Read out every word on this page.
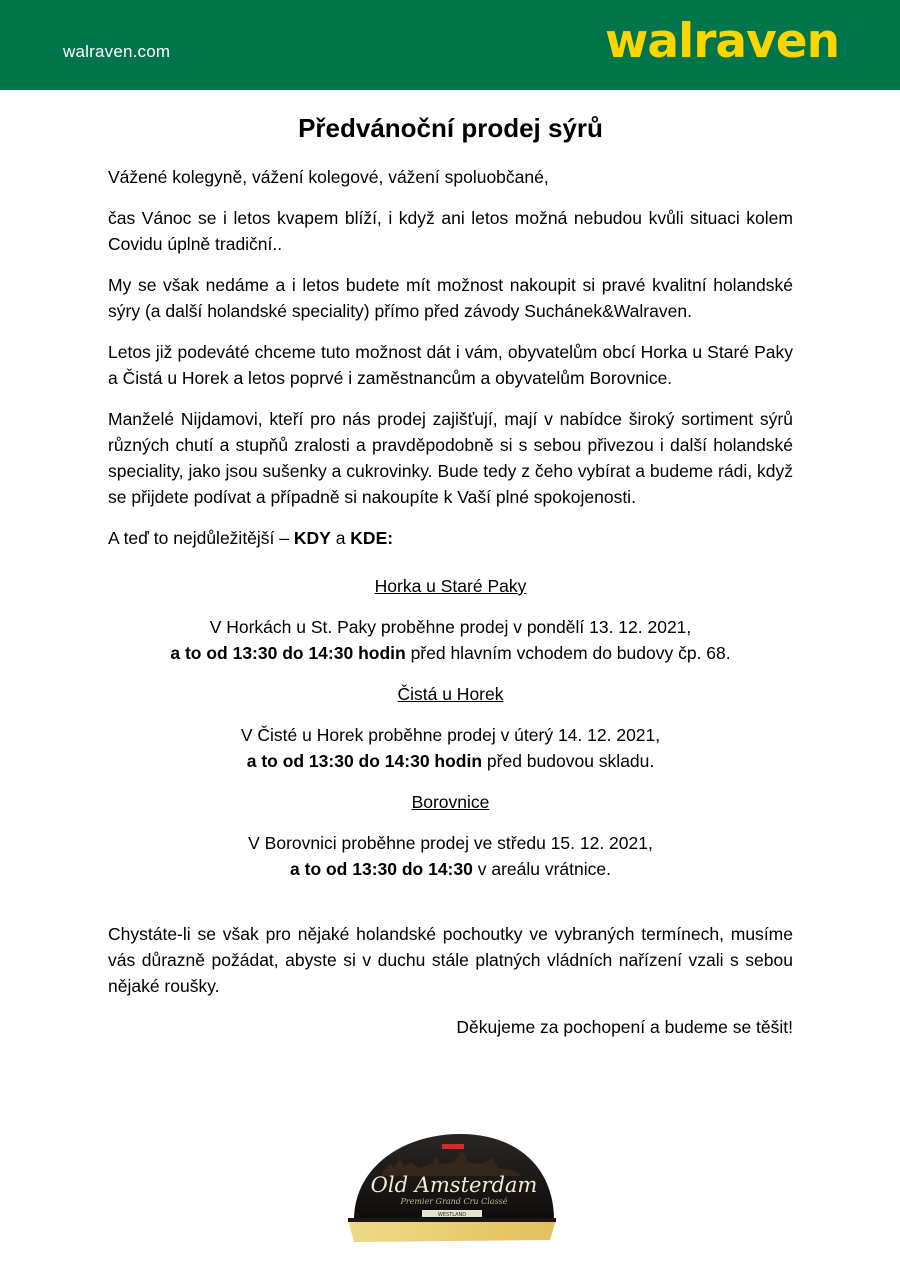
walraven.com	walraven
Předvánoční prodej sýrů

Vážené kolegyně, vážení kolegové, vážení spoluobčané,

čas Vánoc se i letos kvapem blíží, i když ani letos možná nebudou kvůli situaci kolem Covidu úplně tradiční..

My se však nedáme a i letos budete mít možnost nakoupit si pravé kvalitní holandské sýry (a další holandské speciality) přímo před závody Suchánek&Walraven.

Letos již podeváté chceme tuto možnost dát i vám, obyvatelům obcí Horka u Staré Paky a Čistá u Horek a letos poprvé i zaměstnancům a obyvatelům Borovnice.

Manželé Nijdamovi, kteří pro nás prodej zajišťují, mají v nabídce široký sortiment sýrů různých chutí a stupňů zralosti a pravděpodobně si s sebou přivezou i další holandské speciality, jako jsou sušenky a cukrovinky. Bude tedy z čeho vybírat a budeme rádi, když se přijdete podívat a případně si nakoupíte k Vaší plné spokojenosti.

A teď to nejdůležitější – KDY a KDE:

Horka u Staré Paky
V Horkách u St. Paky proběhne prodej v pondělí 13. 12. 2021,
a to od 13:30 do 14:30 hodin před hlavním vchodem do budovy čp. 68.
Čistá u Horek
V Čisté u Horek proběhne prodej v úterý 14. 12. 2021,
a to od 13:30 do 14:30 hodin před budovou skladu.
Borovnice
V Borovnici proběhne prodej ve středu 15. 12. 2021,
a to od 13:30 do 14:30 v areálu vrátnice.

Chystáte-li se však pro nějaké holandské pochoutky ve vybraných termínech, musíme vás důrazně požádat, abyste si v duchu stále platných vládních nařízení vzali s sebou nějaké roušky.

Děkujeme za pochopení a budeme se těšit!

Old Amsterdam
Premier Grand Cru Classé
WESTLAND
